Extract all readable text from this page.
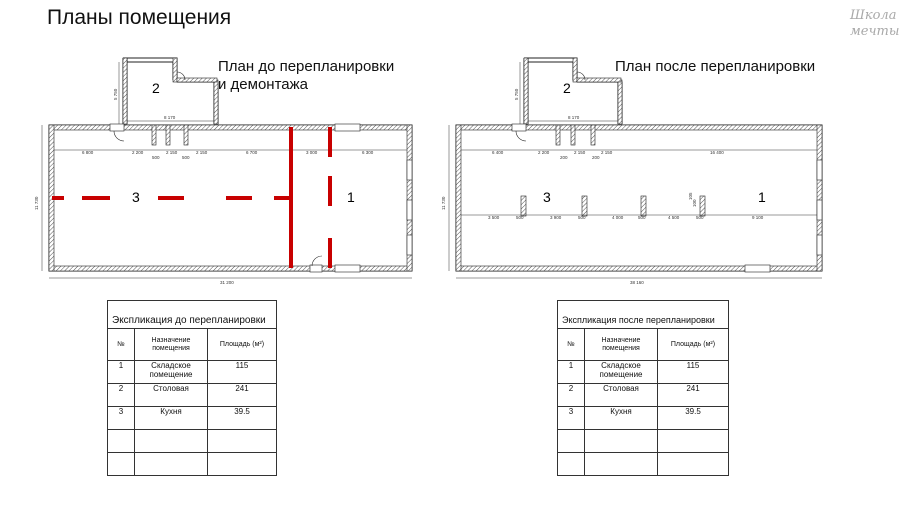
Планы помещения	Школа мечты
План до перепланировки
и демонтажа
План после перепланировки
2
3	1
6 800	2 200
500
2 150
500
2 150	6 700	3 000	6 300
8 170
31 200
11 730
5 750	2
3	1
6 400	2 200
200
2 150
200
2 150	16 400
3 500	500	3 900	500	4 000	500	4 500	500	9 100
100
105
8 170
38 160
11 730
5 750
Экспликация до перепланировки		
№	Назначение помещения	Площадь (м²)
1	Складское помещение	115
2	Столовая	241
3	Кухня	39.5

Экспликация после перепланировки		
№	Назначение помещения	Площадь (м²)
1	Складское помещение	115
2	Столовая	241
3	Кухня	39.5
